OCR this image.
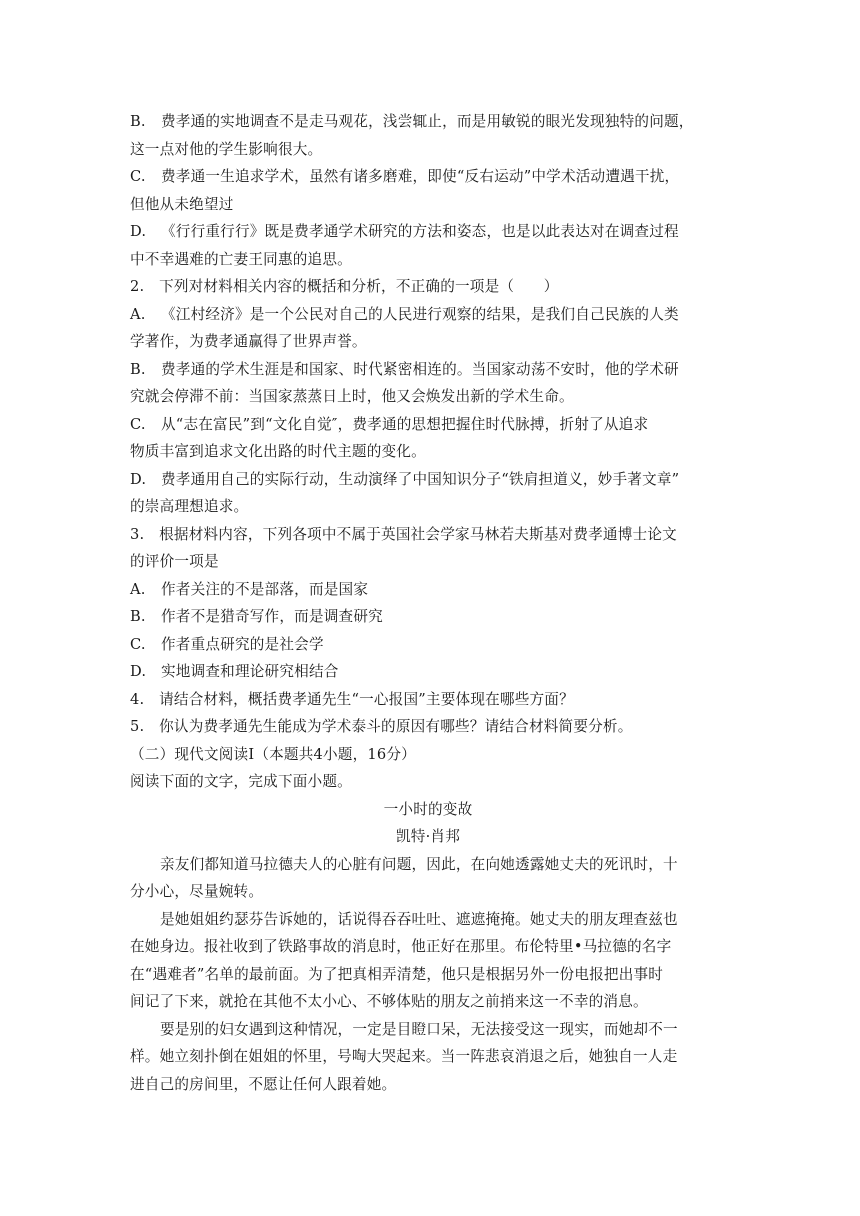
B.	费孝通的实地调查不是走马观花，浅尝辄止，而是用敏锐的眼光发现独特的问题，
这一点对他的学生影响很大。
C.	费孝通一生追求学术，虽然有诸多磨难，即使“反右运动”中学术活动遭遇干扰，
但他从未绝望过
D.	《行行重行行》既是费孝通学术研究的方法和姿态，也是以此表达对在调查过程
中不幸遇难的亡妻王同惠的追思。
2.　下列对材料相关内容的概括和分析，不正确的一项是（　　）
A.	《江村经济》是一个公民对自己的人民进行观察的结果，是我们自己民族的人类
学著作，为费孝通赢得了世界声誉。
B.	费孝通的学术生涯是和国家、时代紧密相连的。当国家动荡不安时，他的学术研
究就会停滞不前：当国家蒸蒸日上时，他又会焕发出新的学术生命。
C.	从“志在富民”到“文化自觉″，费孝通的思想把握住时代脉搏，折射了从追求
物质丰富到追求文化出路的时代主题的变化。
D.	费孝通用自己的实际行动，生动演绎了中国知识分子“铁肩担道义，妙手著文章”
的崇高理想追求。
3.　根据材料内容，下列各项中不属于英国社会学家马林若夫斯基对费孝通博士论文
的评价一项是
A.	作者关注的不是部落，而是国家
B.	作者不是猎奇写作，而是调查研究
C.	作者重点研究的是社会学
D.	实地调查和理论研究相结合
4.　请结合材料，概括费孝通先生“一心报国”主要体现在哪些方面？
5.　你认为费孝通先生能成为学术泰斗的原因有哪些？请结合材料简要分析。
（二）现代文阅读Ⅰ（本题共4小题，16分）
阅读下面的文字，完成下面小题。
一小时的变故
凯特·肖邦
亲友们都知道马拉德夫人的心脏有问题，因此，在向她透露她丈夫的死讯时，十
分小心，尽量婉转。
是她姐姐约瑟芬告诉她的，话说得吞吞吐吐、遮遮掩掩。她丈夫的朋友理查兹也
在她身边。报社收到了铁路事故的消息时，他正好在那里。布伦特里•马拉德的名字
在“遇难者”名单的最前面。为了把真相弄清楚，他只是根据另外一份电报把出事时
间记了下来，就抢在其他不太小心、不够体贴的朋友之前捎来这一不幸的消息。
要是别的妇女遇到这种情况，一定是目瞪口呆，无法接受这一现实，而她却不一
样。她立刻扑倒在姐姐的怀里，号啕大哭起来。当一阵悲哀消退之后，她独自一人走
进自己的房间里，不愿让任何人跟着她。
